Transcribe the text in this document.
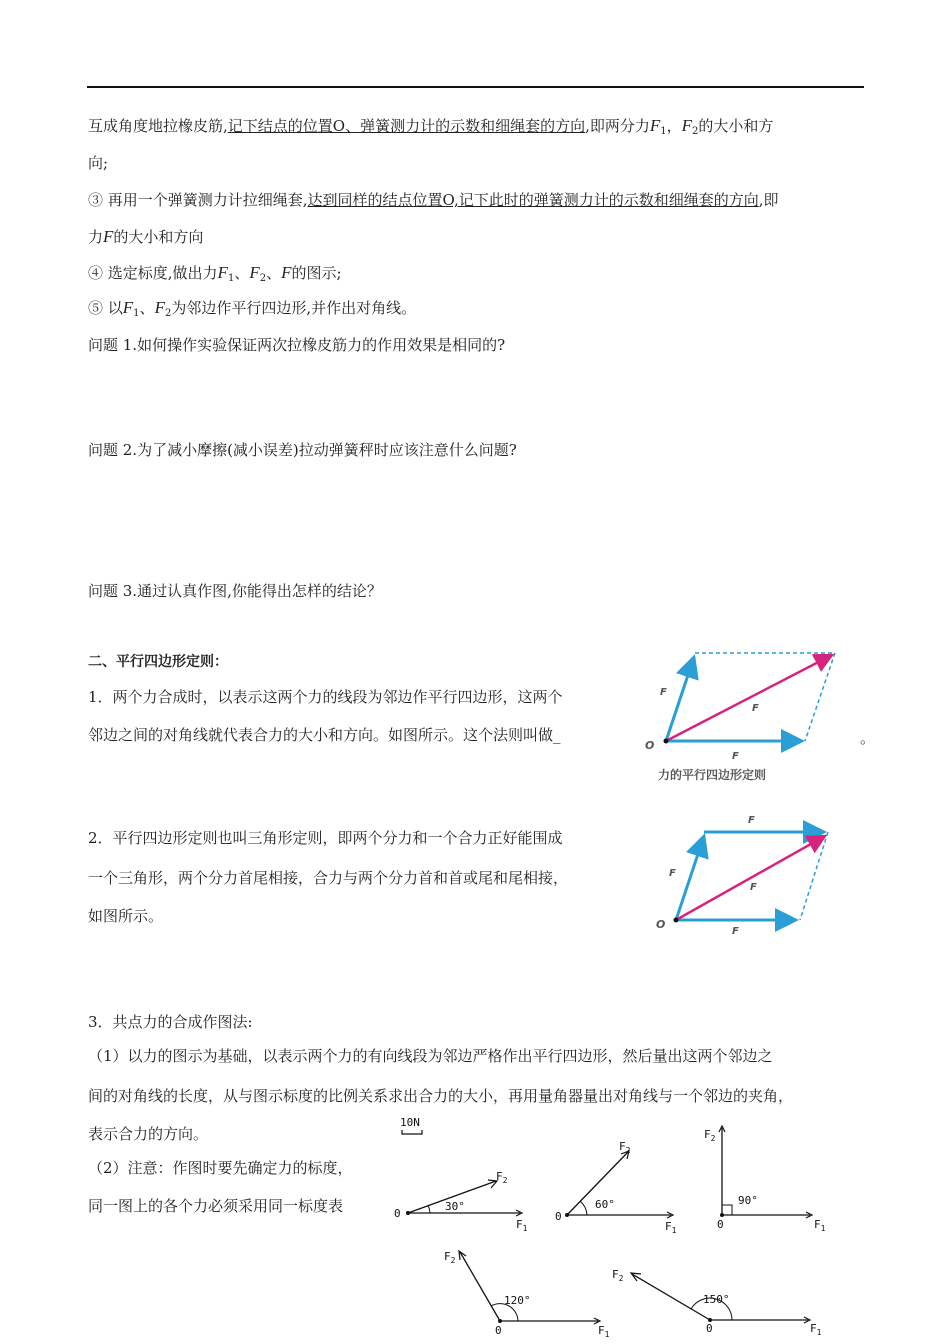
互成角度地拉橡皮筋,记下结点的位置O、弹簧测力计的示数和细绳套的方向,即两分力$F_1$，$F_2$的大小和方
向;
③ 再用一个弹簧测力计拉细绳套,达到同样的结点位置O,记下此时的弹簧测力计的示数和细绳套的方向,即
力F的大小和方向
④ 选定标度,做出力$F_1$、$F_2$、F的图示;
⑤ 以$F_1$、$F_2$为邻边作平行四边形,并作出对角线。
问题 1.如何操作实验保证两次拉橡皮筋力的作用效果是相同的?
问题 2.为了减小摩擦(减小误差)拉动弹簧秤时应该注意什么问题?
问题 3.通过认真作图,你能得出怎样的结论？
二、平行四边形定则：
1．两个力合成时，以表示这两个力的线段为邻边作平行四边形，这两个
邻边之间的对角线就代表合力的大小和方向。如图所示。这个法则叫做_	。
O
F
F
F
力的平行四边形定则
2．平行四边形定则也叫三角形定则，即两个分力和一个合力正好能围成
一个三角形，两个分力首尾相接，合力与两个分力首和首或尾和尾相接，
如图所示。	O
F
F
F
F
3．共点力的合成作图法:
（1）以力的图示为基础，以表示两个力的有向线段为邻边严格作出平行四边形，然后量出这两个邻边之
间的对角线的长度，从与图示标度的比例关系求出合力的大小，再用量角器量出对角线与一个邻边的夹角，
表示合力的方向。
（2）注意：作图时要先确定力的标度，
同一图上的各个力必须采用同一标度表
10N
0
30°
$F_2$
$F_1$
0
60°
$F_2$
$F_1$	0
90°
$F_2$
$F_1$
0
120°
$F_2$
$F_1$	0
150°
$F_2$
$F_1$
